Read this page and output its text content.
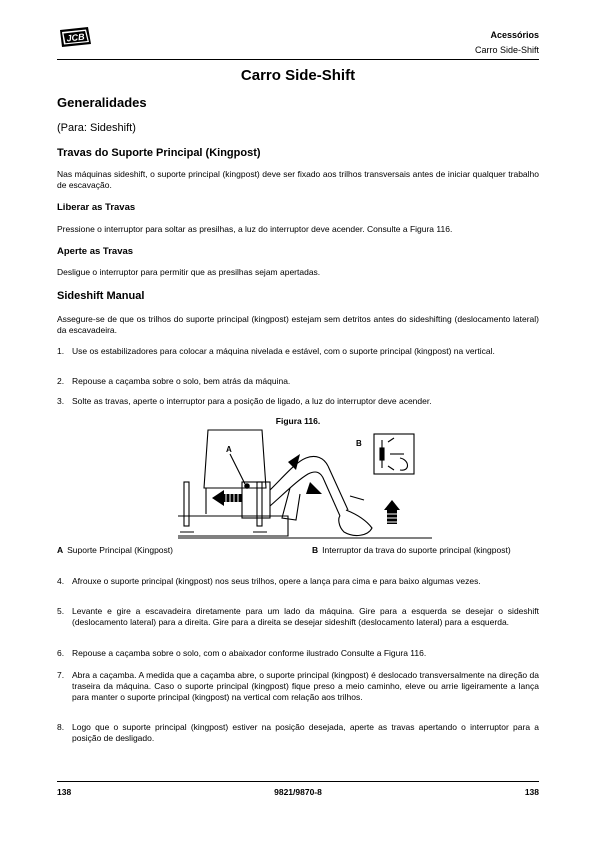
JCB	Acessórios
Carro Side-Shift
Carro Side-Shift
Generalidades
(Para: Sideshift)
Travas do Suporte Principal (Kingpost)
Nas máquinas sideshift, o suporte principal (kingpost) deve ser fixado aos trilhos transversais antes de iniciar qualquer trabalho de escavação.
Liberar as Travas
Pressione o interruptor para soltar as presilhas, a luz do interruptor deve acender. Consulte a Figura 116.
Aperte as Travas
Desligue o interruptor para permitir que as presilhas sejam apertadas.
Sideshift Manual
Assegure-se de que os trilhos do suporte principal (kingpost) estejam sem detritos antes do sideshifting (deslocamento lateral) da escavadeira.
1. Use os estabilizadores para colocar a máquina nivelada e estável, com o suporte principal (kingpost) na vertical.
2. Repouse a caçamba sobre o solo, bem atrás da máquina.
3. Solte as travas, aperte o interruptor para a posição de ligado, a luz do interruptor deve acender.
Figura 116.
A
B
A Suporte Principal (Kingpost)	B Interruptor da trava do suporte principal (kingpost)
4. Afrouxe o suporte principal (kingpost) nos seus trilhos, opere a lança para cima e para baixo algumas vezes.
5. Levante e gire a escavadeira diretamente para um lado da máquina. Gire para a esquerda se desejar o sideshift (deslocamento lateral) para a direita. Gire para a direita se desejar sideshift (deslocamento lateral) para a esquerda.
6. Repouse a caçamba sobre o solo, com o abaixador conforme ilustrado Consulte a Figura 116.
7. Abra a caçamba. A medida que a caçamba abre, o suporte principal (kingpost) é deslocado transversalmente na direção da traseira da máquina. Caso o suporte principal (kingpost) fique preso a meio caminho, eleve ou arrie ligeiramente a lança para manter o suporte principal (kingpost) na vertical com relação aos trilhos.
8. Logo que o suporte principal (kingpost) estiver na posição desejada, aperte as travas apertando o interruptor para a posição de desligado.
138	9821/9870-8	138
